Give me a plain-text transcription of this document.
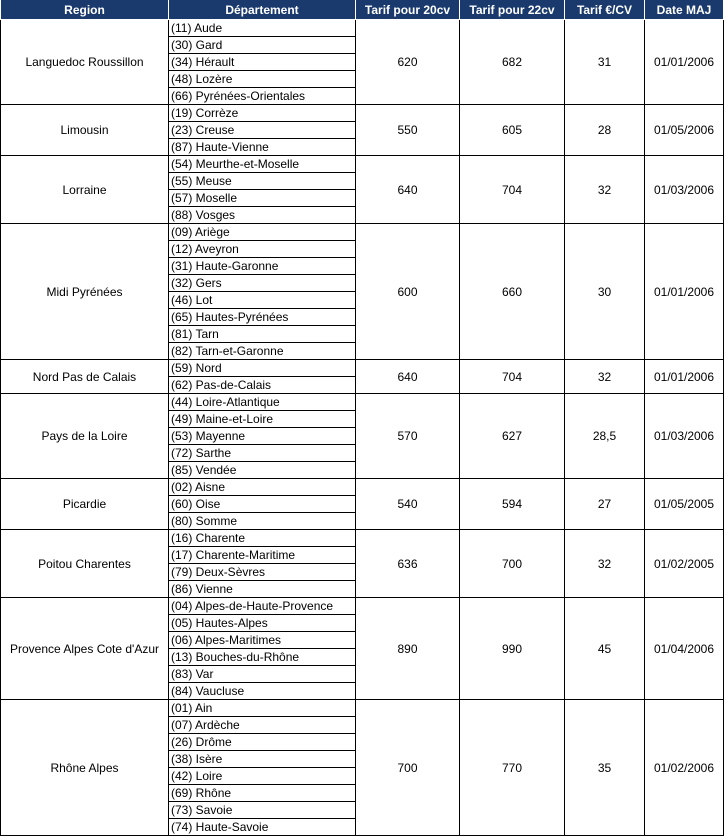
Region	Département	Tarif pour 20cv	Tarif pour 22cv	Tarif €/CV	Date MAJ
Languedoc Roussillon	(11) Aude	620	682	31	01/01/2006
	(30) Gard				
	(34) Hérault				
	(48) Lozère				
	(66) Pyrénées-Orientales				
Limousin	(19) Corrèze	550	605	28	01/05/2006
	(23) Creuse				
	(87) Haute-Vienne				
Lorraine	(54) Meurthe-et-Moselle	640	704	32	01/03/2006
	(55) Meuse				
	(57) Moselle				
	(88) Vosges				
Midi Pyrénées	(09) Ariège	600	660	30	01/01/2006
	(12) Aveyron				
	(31) Haute-Garonne				
	(32) Gers				
	(46) Lot				
	(65) Hautes-Pyrénées				
	(81) Tarn				
	(82) Tarn-et-Garonne				
Nord Pas de Calais	(59) Nord	640	704	32	01/01/2006
	(62) Pas-de-Calais				
Pays de la Loire	(44) Loire-Atlantique	570	627	28,5	01/03/2006
	(49) Maine-et-Loire				
	(53) Mayenne				
	(72) Sarthe				
	(85) Vendée				
Picardie	(02) Aisne	540	594	27	01/05/2005
	(60) Oise				
	(80) Somme				
Poitou Charentes	(16) Charente	636	700	32	01/02/2005
	(17) Charente-Maritime				
	(79) Deux-Sèvres				
	(86) Vienne				
Provence Alpes Cote d'Azur	(04) Alpes-de-Haute-Provence	890	990	45	01/04/2006
	(05) Hautes-Alpes				
	(06) Alpes-Maritimes				
	(13) Bouches-du-Rhône				
	(83) Var				
	(84) Vaucluse				
Rhône Alpes	(01) Ain	700	770	35	01/02/2006
	(07) Ardèche				
	(26) Drôme				
	(38) Isère				
	(42) Loire				
	(69) Rhône				
	(73) Savoie				
	(74) Haute-Savoie				
